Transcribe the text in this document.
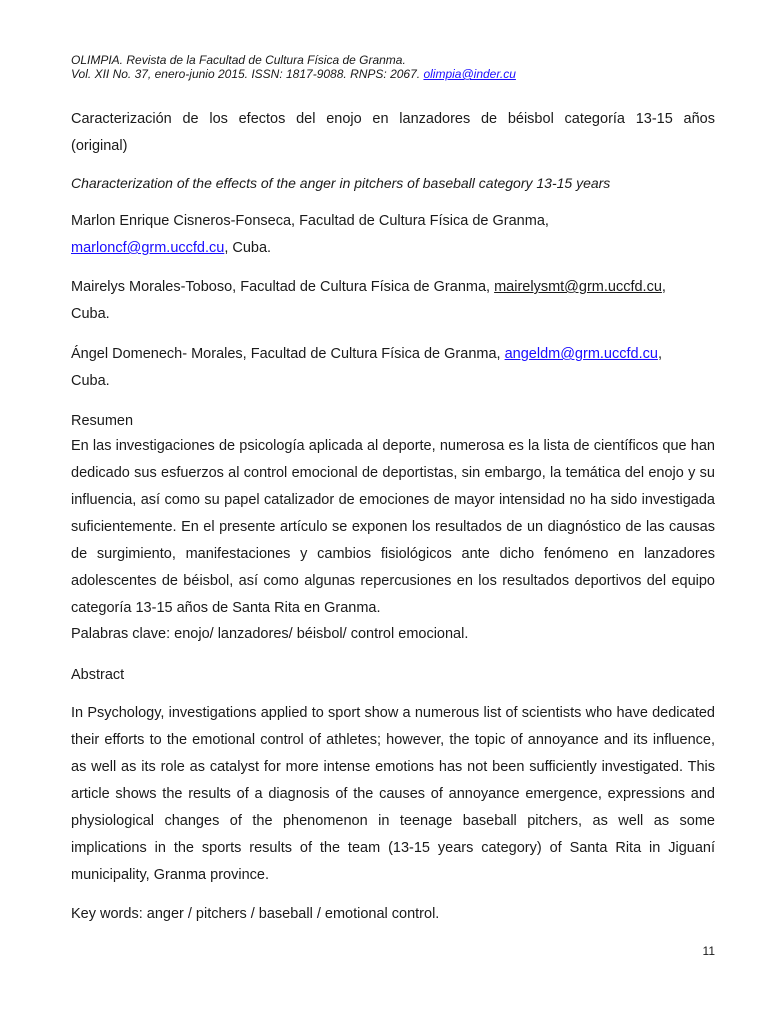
OLIMPIA. Revista de la Facultad de Cultura Física de Granma.
Vol. XII No. 37, enero-junio 2015. ISSN: 1817-9088. RNPS: 2067. olimpia@inder.cu
Caracterización de los efectos del enojo en lanzadores de béisbol categoría 13-15 años
(original)
Characterization of the effects of the anger in pitchers of baseball category 13-15 years
Marlon Enrique Cisneros-Fonseca, Facultad de Cultura Física de Granma,
marloncf@grm.uccfd.cu, Cuba.
Mairelys Morales-Toboso, Facultad de Cultura Física de Granma, mairelysmt@grm.uccfd.cu,
Cuba.
Ángel Domenech- Morales, Facultad de Cultura Física de Granma, angeldm@grm.uccfd.cu,
Cuba.
Resumen
En las investigaciones de psicología aplicada al deporte, numerosa es la lista de científicos que han dedicado sus esfuerzos al control emocional de deportistas, sin embargo, la temática del enojo y su influencia, así como su papel catalizador de emociones de mayor intensidad no ha sido investigada suficientemente. En el presente artículo se exponen los resultados de un diagnóstico de las causas de surgimiento, manifestaciones y cambios fisiológicos ante dicho fenómeno en lanzadores adolescentes de béisbol, así como algunas repercusiones en los resultados deportivos del equipo categoría 13-15 años de Santa Rita en Granma.
Palabras clave: enojo/ lanzadores/ béisbol/ control emocional.
Abstract
In Psychology, investigations applied to sport show a numerous list of scientists who have dedicated their efforts to the emotional control of athletes; however, the topic of annoyance and its influence, as well as its role as catalyst for more intense emotions has not been sufficiently investigated. This article shows the results of a diagnosis of the causes of annoyance emergence, expressions and physiological changes of the phenomenon in teenage baseball pitchers, as well as some implications in the sports results of the team (13-15 years category) of Santa Rita in Jiguaní municipality, Granma province.
Key words: anger / pitchers / baseball / emotional control.
11
